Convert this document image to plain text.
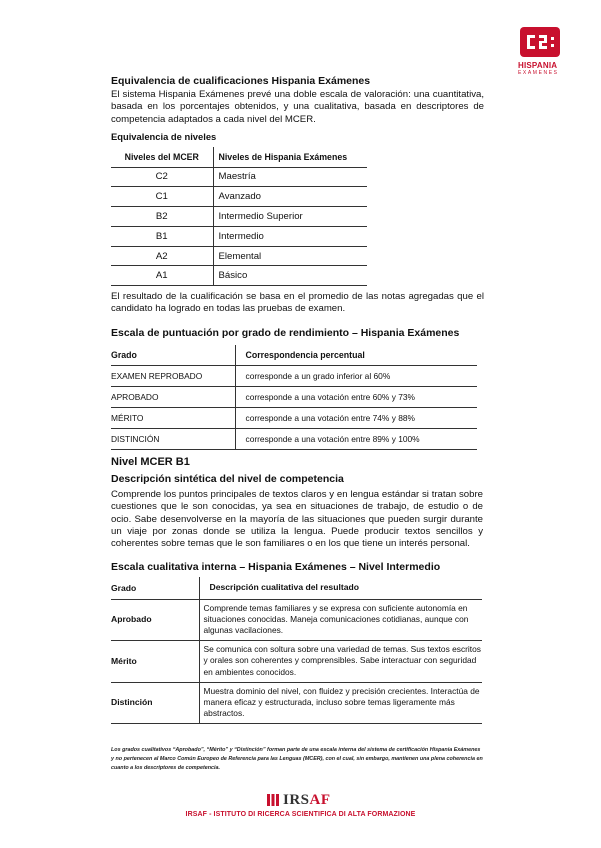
HISPANIA
EXAMENES
Equivalencia de cualificaciones Hispania Exámenes
El sistema Hispania Exámenes prevé una doble escala de valoración: una cuantitativa, basada en los porcentajes obtenidos, y una cualitativa, basada en descriptores de competencia adaptados a cada nivel del MCER.
Equivalencia de niveles
Niveles del MCER	Niveles de Hispania Exámenes
C2	Maestría
C1	Avanzado
B2	Intermedio Superior
B1	Intermedio
A2	Elemental
A1	Básico
El resultado de la cualificación se basa en el promedio de las notas agregadas que el candidato ha logrado en todas las pruebas de examen.
Escala de puntuación por grado de rendimiento – Hispania Exámenes
Grado	Correspondencia percentual
EXAMEN REPROBADO	corresponde a un grado inferior al 60%
APROBADO	corresponde a una votación entre 60% y 73%
MÉRITO	corresponde a una votación entre 74% y 88%
DISTINCIÓN	corresponde a una votación entre 89% y 100%
Nivel MCER B1
Descripción sintética del nivel de competencia
Comprende los puntos principales de textos claros y en lengua estándar si tratan sobre cuestiones que le son conocidas, ya sea en situaciones de trabajo, de estudio o de ocio. Sabe desenvolverse en la mayoría de las situaciones que pueden surgir durante un viaje por zonas donde se utiliza la lengua. Puede producir textos sencillos y coherentes sobre temas que le son familiares o en los que tiene un interés personal.
Escala cualitativa interna – Hispania Exámenes – Nivel Intermedio
Grado	Descripción cualitativa del resultado
Aprobado	Comprende temas familiares y se expresa con suficiente autonomía en situaciones conocidas. Maneja comunicaciones cotidianas, aunque con algunas vacilaciones.
Mérito	Se comunica con soltura sobre una variedad de temas. Sus textos escritos y orales son coherentes y comprensibles. Sabe interactuar con seguridad en ambientes conocidos.
Distinción	Muestra dominio del nivel, con fluidez y precisión crecientes. Interactúa de manera eficaz y estructurada, incluso sobre temas ligeramente más abstractos.
Los grados cualitativos “Aprobado”, “Mérito” y “Distinción” forman parte de una escala interna del sistema de certificación Hispania Exámenes y no pertenecen al Marco Común Europeo de Referencia para las Lenguas (MCER), con el cual, sin embargo, mantienen una plena coherencia en cuanto a los descriptores de competencia.
IRSAF
IRSAF - ISTITUTO DI RICERCA SCIENTIFICA DI ALTA FORMAZIONE
